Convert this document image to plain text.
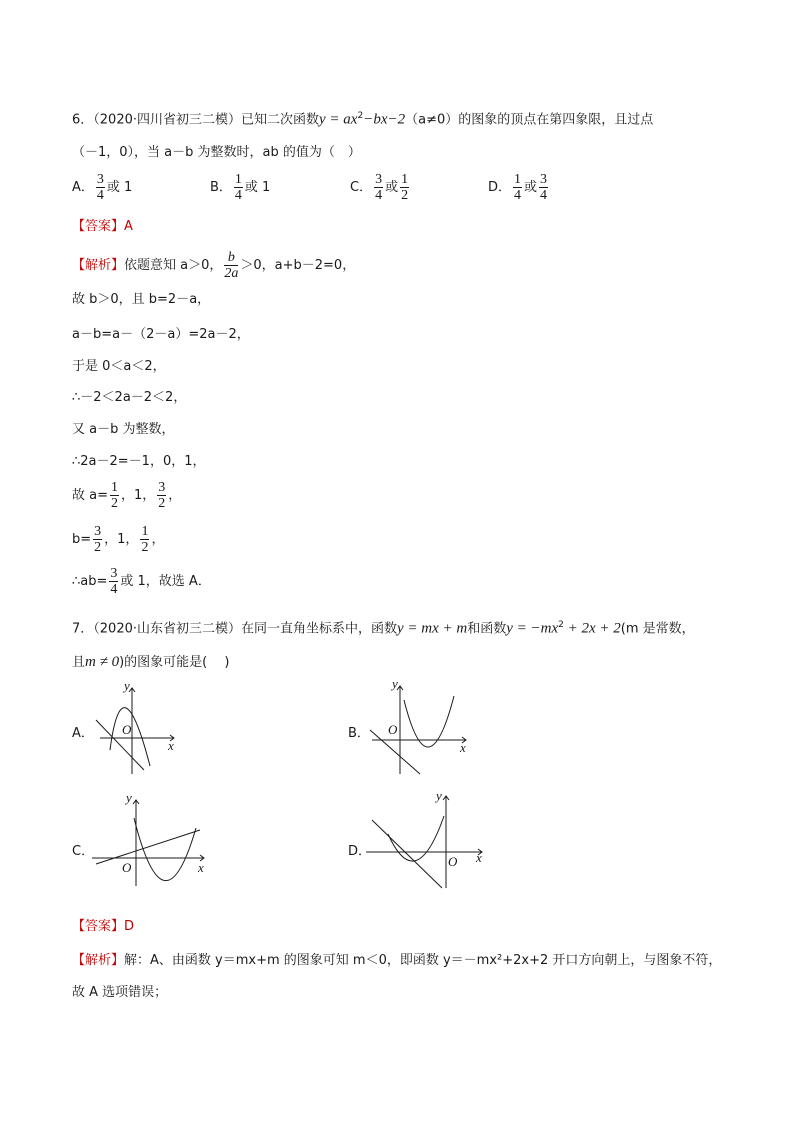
6．（2020·四川省初三二模）已知二次函数$y = ax^2-bx-2(a\ne 0)$的图象的顶点在第四象限，且过点
（－1，0），当 a－b 为整数时，ab 的值为（　）
A． $\frac{3}{4}$ 或 1	B． $\frac{1}{4}$ 或 1	C． $\frac{3}{4}$ 或 $\frac{1}{2}$	D． $\frac{1}{4}$ 或 $\frac{3}{4}$
【答案】A
【解析】依题意知 a＞0， $\frac{b}{2a} >0$，a+b－2=0，
故 b＞0，且 b=2－a，
a－b=a－（2－a）=2a－2，
于是 0＜a＜2，
∴－2＜2a－2＜2，
又 a－b 为整数，
∴2a－2=－1，0，1，
故 $a= \frac{1}{2}$ ，1， $\frac{3}{2}$ ，
$b= \frac{3}{2}$ ，1， $\frac{1}{2}$ ，
∴ab= $\frac{3}{4}$ 或 1，故选 A．
7．（2020·山东省初三二模）在同一直角坐标系中，函数y = mx + m和函数$y = -mx^2 + 2x + 2(m$ 是常数，
且m ≠ 0)的图象可能是(　 )
A．
x
y
O	B．
x
y
O
C．
x
y
O
D．	x
y
O
【答案】D
【解析】解：A、由函数 y＝mx+m 的图象可知 m＜0，即函数 y＝－mx²+2x+2 开口方向朝上，与图象不符，
故 A 选项错误；
